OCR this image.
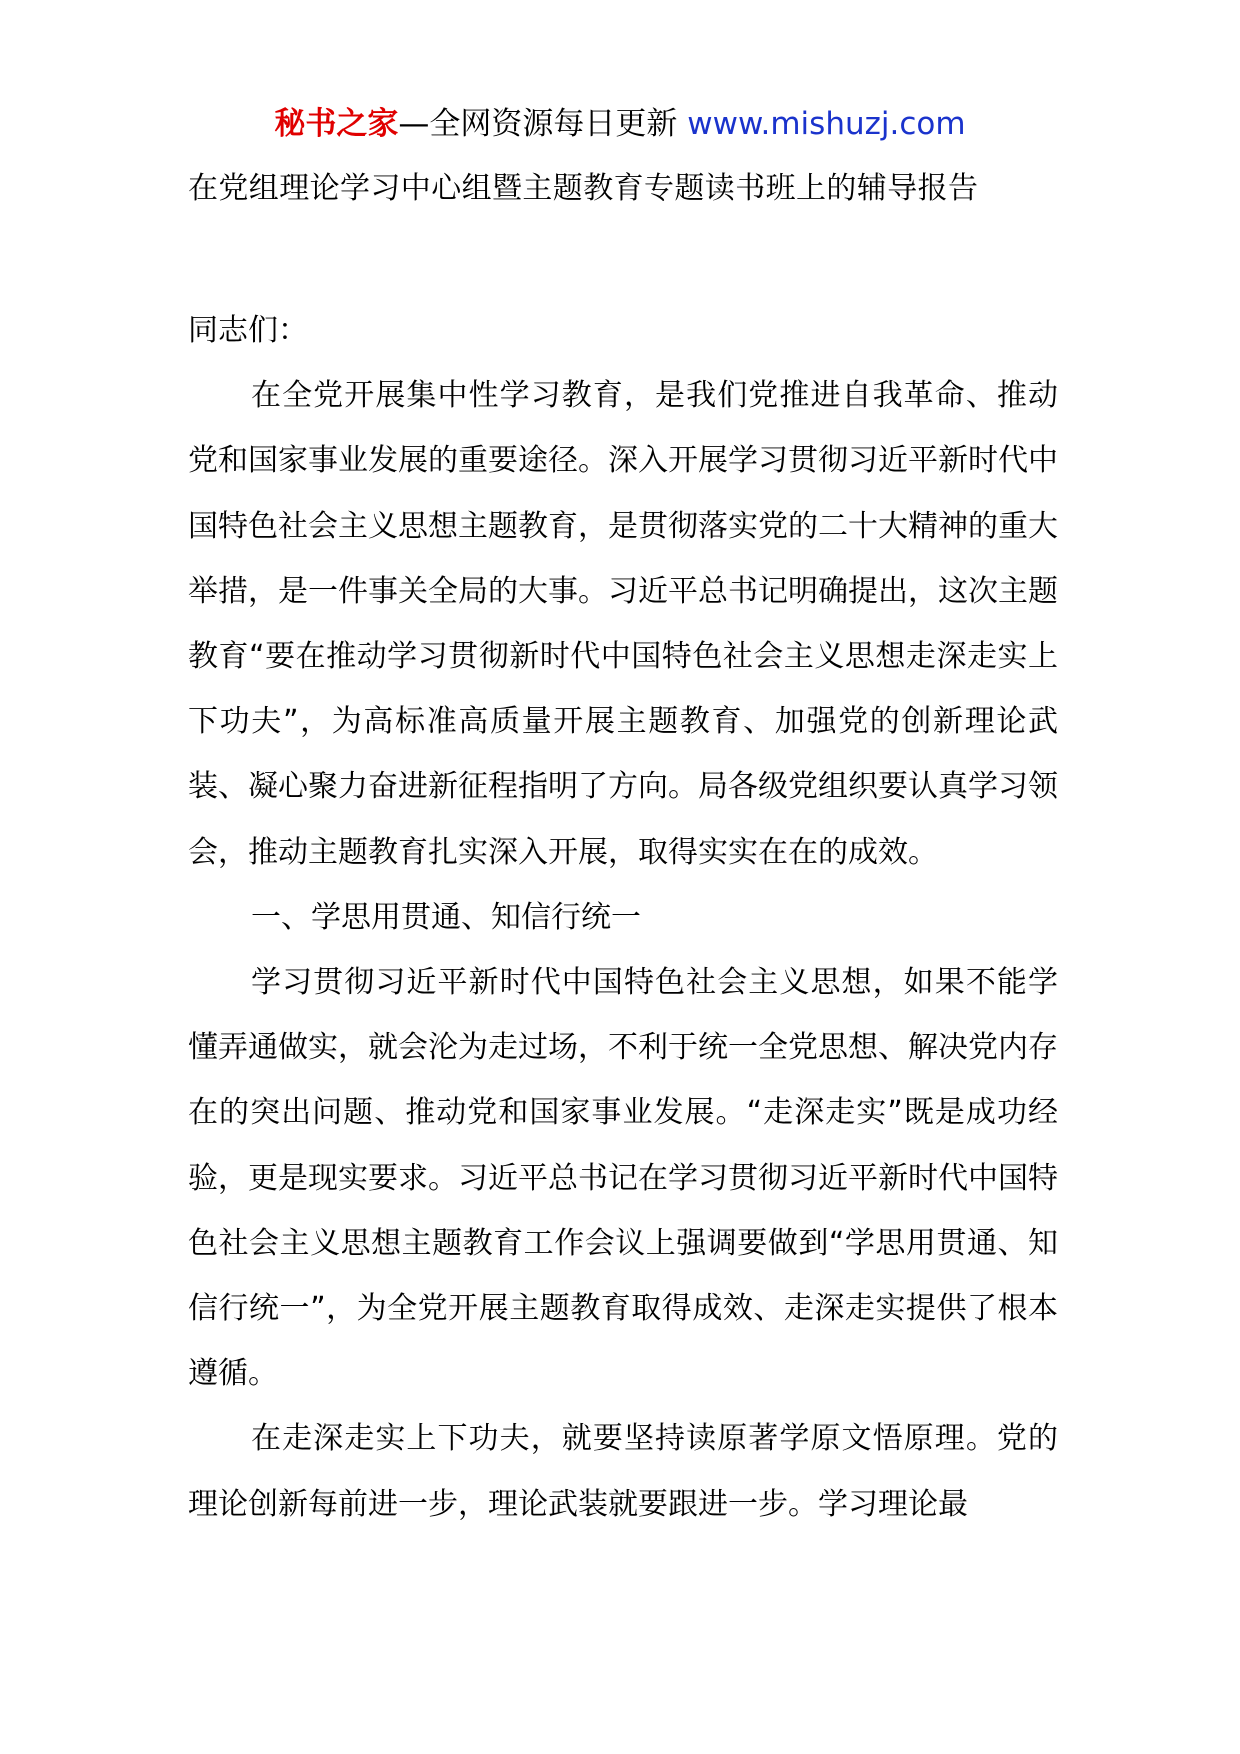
秘书之家—全网资源每日更新 www.mishuzj.com
在党组理论学习中心组暨主题教育专题读书班上的辅导报告

同志们：

在全党开展集中性学习教育，是我们党推进自我革命、推动党和国家事业发展的重要途径。深入开展学习贯彻习近平新时代中国特色社会主义思想主题教育，是贯彻落实党的二十大精神的重大举措，是一件事关全局的大事。习近平总书记明确提出，这次主题教育“要在推动学习贯彻新时代中国特色社会主义思想走深走实上下功夫”，为高标准高质量开展主题教育、加强党的创新理论武装、凝心聚力奋进新征程指明了方向。局各级党组织要认真学习领会，推动主题教育扎实深入开展，取得实实在在的成效。

一、学思用贯通、知信行统一

学习贯彻习近平新时代中国特色社会主义思想，如果不能学懂弄通做实，就会沦为走过场，不利于统一全党思想、解决党内存在的突出问题、推动党和国家事业发展。“走深走实”既是成功经验，更是现实要求。习近平总书记在学习贯彻习近平新时代中国特色社会主义思想主题教育工作会议上强调要做到“学思用贯通、知信行统一”，为全党开展主题教育取得成效、走深走实提供了根本遵循。

在走深走实上下功夫，就要坚持读原著学原文悟原理。党的理论创新每前进一步，理论武装就要跟进一步。学习理论最
